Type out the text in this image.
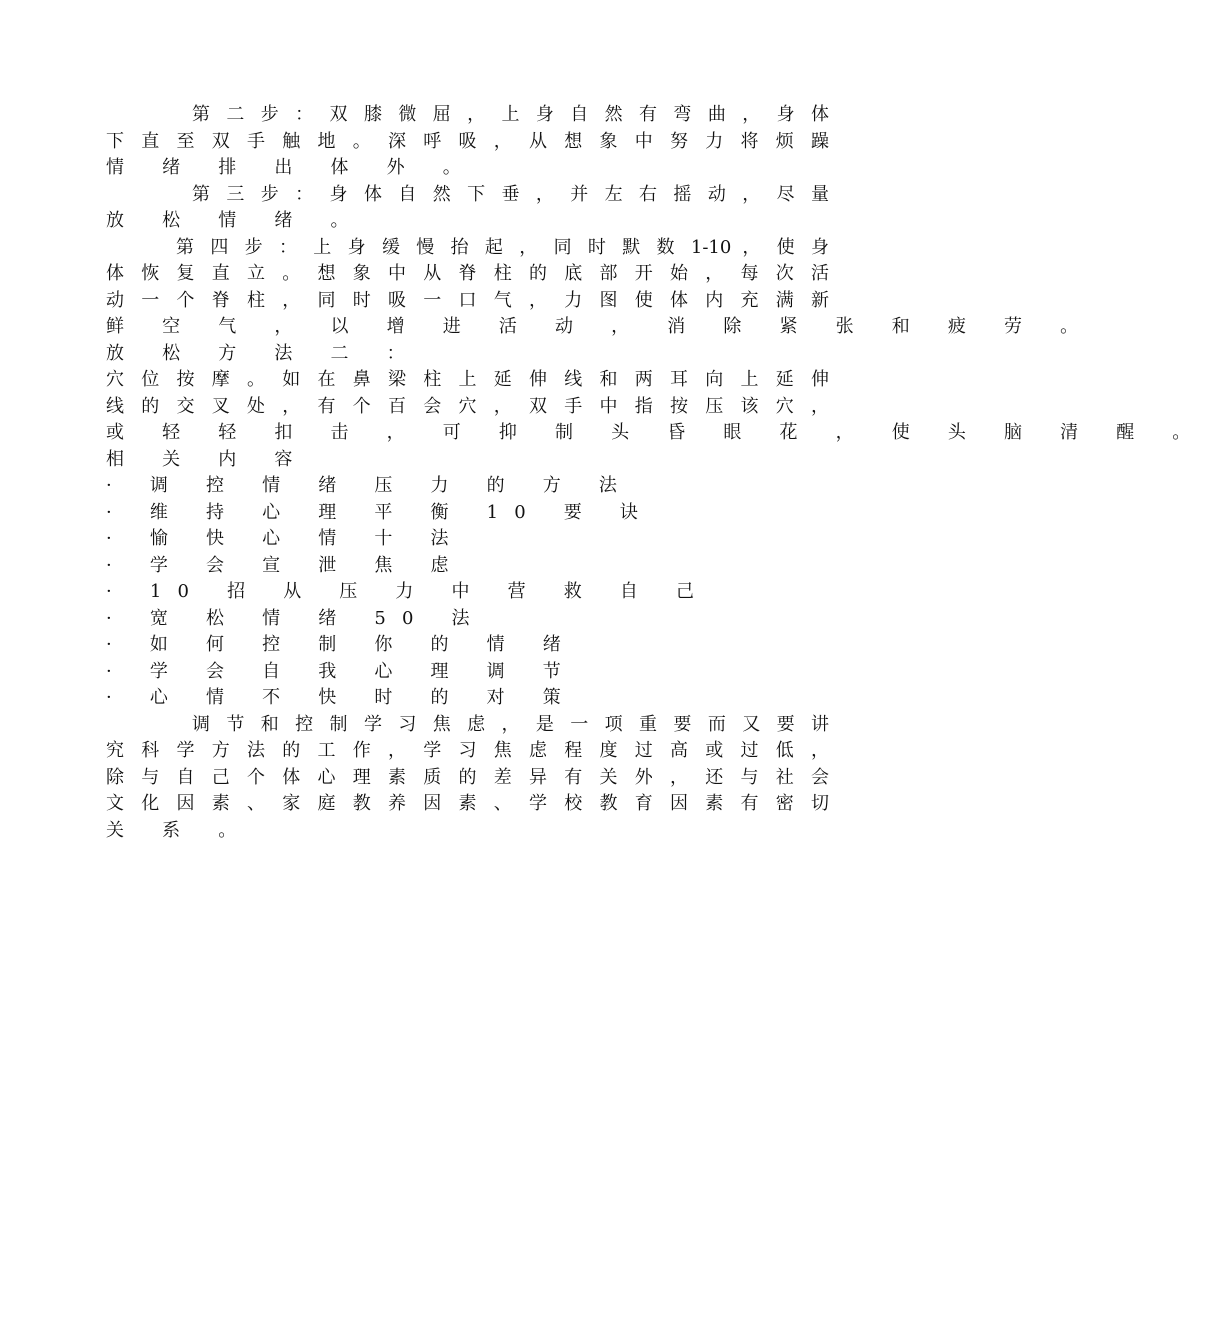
第 二 步 ： 双 膝 微 屈 ， 上 身 自 然 有 弯 曲 ， 身 体
下 直 至 双 手 触 地 。 深 呼 吸 ， 从 想 象 中 努 力 将 烦 躁
情 绪 排 出 体 外 。
第 三 步 ： 身 体 自 然 下 垂 ， 并 左 右 摇 动 ， 尽 量
放 松 情 绪 。
第 四 步 ： 上 身 缓 慢 抬 起 ， 同 时 默 数 1-10 ， 使 身
体 恢 复 直 立 。 想 象 中 从 脊 柱 的 底 部 开 始 ， 每 次 活
动 一 个 脊 柱 ， 同 时 吸 一 口 气 ， 力 图 使 体 内 充 满 新
鲜 空 气 ， 以 增 进 活 动 ， 消 除 紧 张 和 疲 劳 。
放 松 方 法 二 ：
穴 位 按 摩 。 如 在 鼻 梁 柱 上 延 伸 线 和 两 耳 向 上 延 伸
线 的 交 叉 处 ， 有 个 百 会 穴 ， 双 手 中 指 按 压 该 穴 ，
或 轻 轻 扣 击 ， 可 抑 制 头 昏 眼 花 ， 使 头 脑 清 醒 。
相 关 内 容
· 调 控 情 绪 压 力 的 方 法
· 维 持 心 理 平 衡 10 要 诀
· 愉 快 心 情 十 法
· 学 会 宣 泄 焦 虑
· 10 招 从 压 力 中 营 救 自 己
· 宽 松 情 绪 50 法
· 如 何 控 制 你 的 情 绪
· 学 会 自 我 心 理 调 节
· 心 情 不 快 时 的 对 策
调 节 和 控 制 学 习 焦 虑 ， 是 一 项 重 要 而 又 要 讲
究 科 学 方 法 的 工 作 ， 学 习 焦 虑 程 度 过 高 或 过 低 ，
除 与 自 己 个 体 心 理 素 质 的 差 异 有 关 外 ， 还 与 社 会
文 化 因 素 、 家 庭 教 养 因 素 、 学 校 教 育 因 素 有 密 切
关 系 。
